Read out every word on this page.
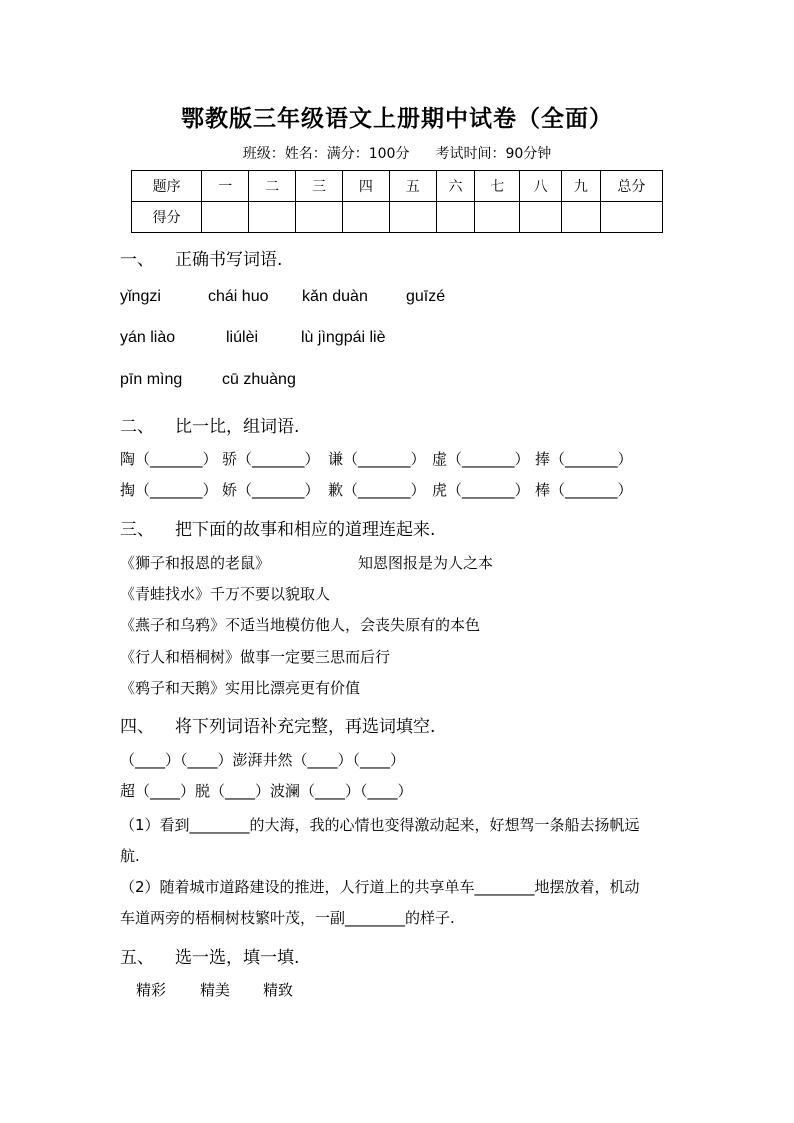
鄂教版三年级语文上册期中试卷（全面）
班级：姓名：满分：100分 考试时间：90分钟
题序	一	二	三	四	五	六	七	八	九	总分
得分										
一、 正确书写词语.
yǐngzi	chái huo kǎn duàn guīzé
yán liào	liúlèi	lù jìngpái liè
pīn mìng cū zhuàng
二、 比一比，组词语.
陶（_______） 骄（_______） 谦（_______） 虚（_______） 捧（_______）
掏（_______） 娇（_______） 歉（_______） 虎（_______） 棒（_______）
三、 把下面的故事和相应的道理连起来.
《狮子和报恩的老鼠》	知恩图报是为人之本
《青蛙找水》千万不要以貌取人
《燕子和乌鸦》不适当地模仿他人，会丧失原有的本色
《行人和梧桐树》做事一定要三思而后行
《鸦子和天鹅》实用比漂亮更有价值
四、 将下列词语补充完整，再选词填空.
（____）（____）澎湃井然（____）（____）
超（____）脱（____）波澜（____）（____）
（1）看到________的大海，我的心情也变得激动起来，好想驾一条船去扬帆远
航.
（2）随着城市道路建设的推进，人行道上的共享单车________地摆放着，机动
车道两旁的梧桐树枝繁叶茂，一副________的样子.
五、 选一选，填一填.
精彩 精美 精致
